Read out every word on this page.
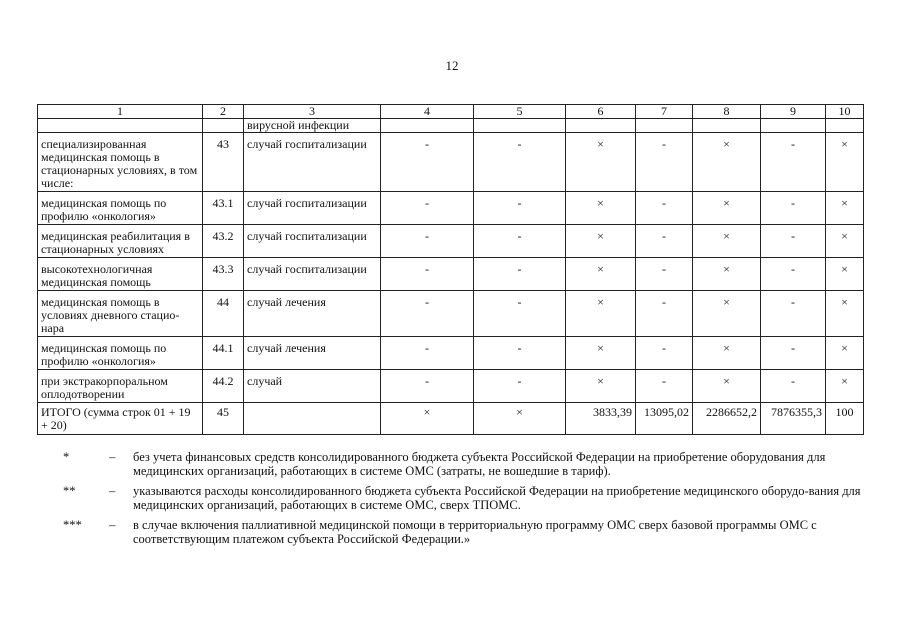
12
1	2	3	4	5	6	7	8	9	10
		вирусной инфекции							
специализированная медицинская помощь в стационарных условиях, в том числе:	43	случай госпитализации	-	-	×	-	×	-	×
медицинская помощь по профилю «онкология»	43.1	случай госпитализации	-	-	×	-	×	-	×
медицинская реабилитация в стационарных условиях	43.2	случай госпитализации	-	-	×	-	×	-	×
высокотехнологичная медицинская помощь	43.3	случай госпитализации	-	-	×	-	×	-	×
медицинская помощь в условиях дневного стацио-нара	44	случай лечения	-	-	×	-	×	-	×
медицинская помощь по профилю «онкология»	44.1	случай лечения	-	-	×	-	×	-	×
при экстракорпоральном оплодотворении	44.2	случай	-	-	×	-	×	-	×
ИТОГО (сумма строк 01 + 19 + 20)	45		×	×	3833,39	13095,02	2286652,2	7876355,3	100
*	–	без учета финансовых средств консолидированного бюджета субъекта Российской Федерации на приобретение оборудования для медицинских организаций, работающих в системе ОМС (затраты, не вошедшие в тариф).
**	–	указываются расходы консолидированного бюджета субъекта Российской Федерации на приобретение медицинского оборудо-вания для медицинских организаций, работающих в системе ОМС, сверх ТПОМС.
***	–	в случае включения паллиативной медицинской помощи в территориальную программу ОМС сверх базовой программы ОМС с соответствующим платежом субъекта Российской Федерации.»
